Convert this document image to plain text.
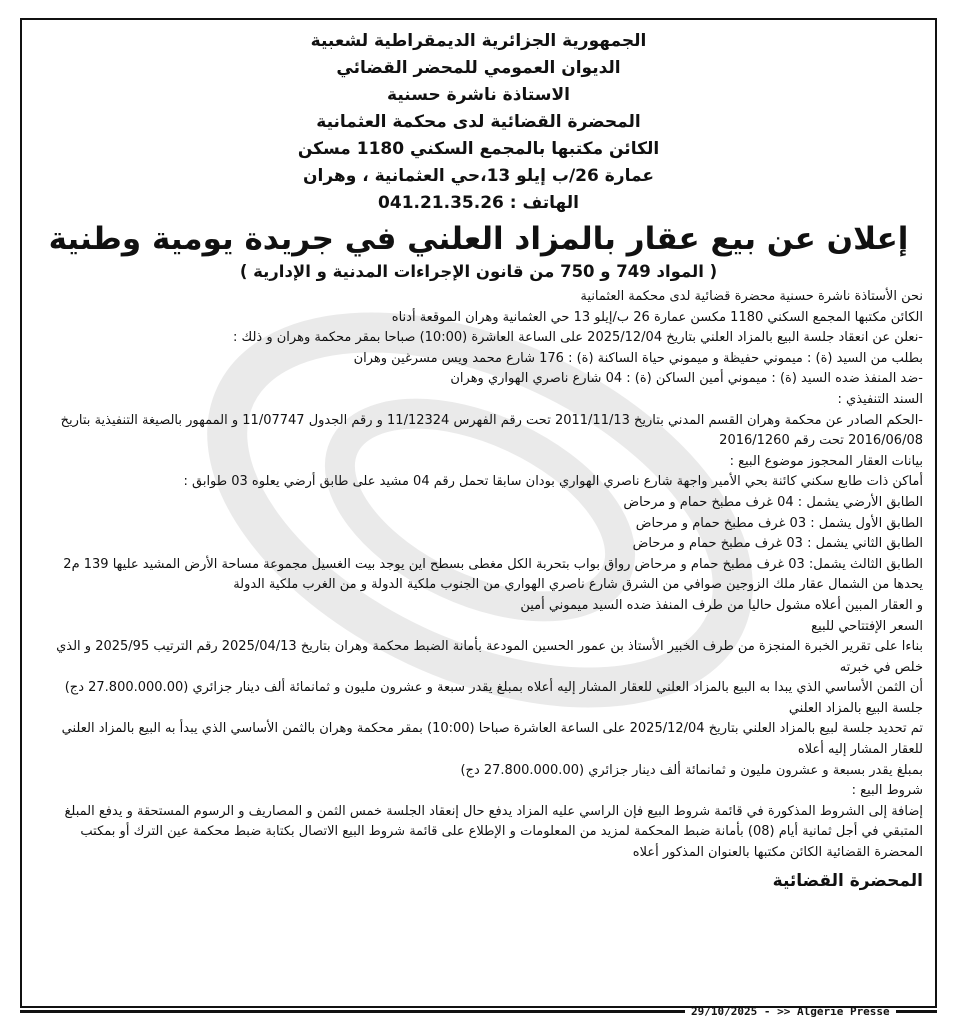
الجمهورية الجزائرية الديمقراطية لشعبية
الديوان العمومي للمحضر القضائي
الاستاذة ناشرة حسنية
المحضرة القضائية لدى محكمة العثمانية
الكائن مكتبها بالمجمع السكني 1180 مسكن
عمارة 26/ب إيلو 13،حي العثمانية ، وهران
الهاتف : 041.21.35.26
إعلان عن بيع عقار بالمزاد العلني في جريدة يومية وطنية
( المواد 749 و 750 من قانون الإجراءات المدنية و الإدارية )

نحن الأستاذة ناشرة حسنية محضرة قضائية لدى محكمة العثمانية

الكائن مكتبها المجمع السكني 1180 مكسن عمارة 26 ب/إيلو 13 حي العثمانية وهران الموقعة أدناه

-نعلن عن انعقاد جلسة البيع بالمزاد العلني بتاريخ 2025/12/04 على الساعة العاشرة (10:00) صباحا بمقر محكمة وهران و ذلك :

بطلب من السيد (ة) : ميموني حفيظة و ميموني حياة الساكنة (ة) : 176 شارع محمد ويس مسرغين وهران

-ضد المنفذ ضده السيد (ة) : ميموني أمين الساكن (ة) : 04 شارع ناصري الهواري وهران

السند التنفيذي :

-الحكم الصادر عن محكمة وهران القسم المدني بتاريخ 2011/11/13 تحت رقم الفهرس 11/12324 و رقم الجدول 11/07747 و الممهور بالصيغة التنفيذية بتاريخ 2016/06/08 تحت رقم 2016/1260

بيانات العقار المحجوز موضوع البيع :

أماكن ذات طابع سكني كائنة بحي الأمير واجهة شارع ناصري الهواري بودان سابقا تحمل رقم 04 مشيد على طابق أرضي يعلوه 03 طوابق :

الطابق الأرضي يشمل : 04 غرف مطبخ حمام و مرحاض

الطابق الأول يشمل : 03 غرف مطبخ حمام و مرحاض

الطابق الثاني يشمل : 03 غرف مطبخ حمام و مرحاض

الطابق الثالث يشمل: 03 غرف مطبخ حمام و مرحاض رواق بواب بتحربة الكل مغطى بسطح اين يوجد بيت الغسيل مجموعة مساحة الأرض المشيد عليها 139 م2 يحدها من الشمال عقار ملك الزوجين صوافي من الشرق شارع ناصري الهواري من الجنوب ملكية الدولة و من الغرب ملكية الدولة

و العقار المبين أعلاه مشول حاليا من طرف المنفذ ضده السيد ميموني أمين

السعر الإفتتاحي للبيع

بناءا على تقرير الخبرة المنجزة من طرف الخبير الأستاذ بن عمور الحسين المودعة بأمانة الضبط محكمة وهران بتاريخ 2025/04/13 رقم الترتيب 2025/95 و الذي خلص في خبرته

أن الثمن الأساسي الذي يبدا به البيع بالمزاد العلني للعقار المشار إليه أعلاه بمبلغ يقدر سبعة و عشرون مليون و ثمانمائة ألف دينار جزائري (27.800.000.00 دج)

جلسة البيع بالمزاد العلني

تم تحديد جلسة لبيع بالمزاد العلني بتاريخ 2025/12/04 على الساعة العاشرة صباحا (10:00) بمقر محكمة وهران بالثمن الأساسي الذي يبدأ به البيع بالمزاد العلني للعقار المشار إليه أعلاه

بمبلغ يقدر بسبعة و عشرون مليون و ثمانمائة ألف دينار جزائري (27.800.000.00 دج)

شروط البيع :

إضافة إلى الشروط المذكورة في قائمة شروط البيع فإن الراسي عليه المزاد يدفع حال إنعقاد الجلسة خمس الثمن و المصاريف و الرسوم المستحقة و يدفع المبلغ المتبقي في أجل ثمانية أيام (08) بأمانة ضبط المحكمة لمزيد من المعلومات و الإطلاع على قائمة شروط البيع الاتصال بكتابة ضبط محكمة عين الترك أو بمكتب المحضرة القضائية الكائن مكتبها بالعنوان المذكور أعلاه

المحضرة القضائية
29/10/2025 - >> Algérie Presse
